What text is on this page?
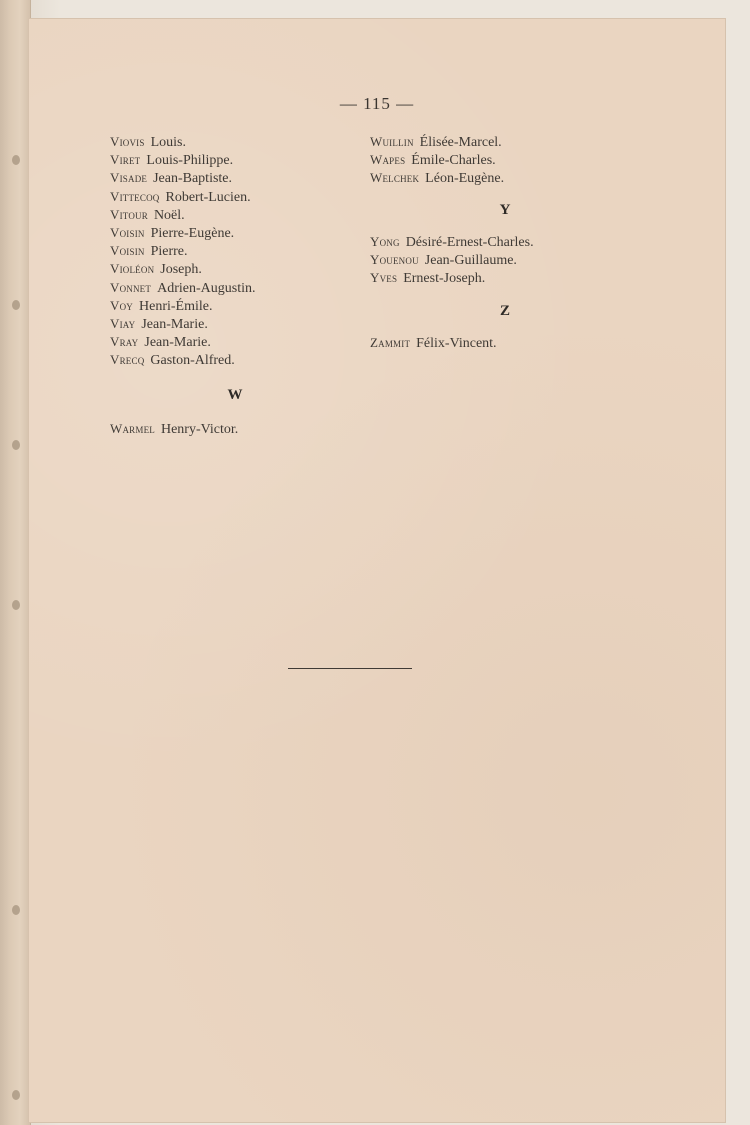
— 115 —
Viovis Louis.
Viret Louis-Philippe.
Visade Jean-Baptiste.
Vittecoq Robert-Lucien.
Vitour Noël.
Voisin Pierre-Eugène.
Voisin Pierre.
Violéon Joseph.
Vonnet Adrien-Augustin.
Voy Henri-Émile.
Viay Jean-Marie.
Vray Jean-Marie.
Vrecq Gaston-Alfred.
W
Warmel Henry-Victor.
Wuillin Élisée-Marcel.
Wapes Émile-Charles.
Welchek Léon-Eugène.
Y
Yong Désiré-Ernest-Charles.
Youenou Jean-Guillaume.
Yves Ernest-Joseph.
Z
Zammit Félix-Vincent.
